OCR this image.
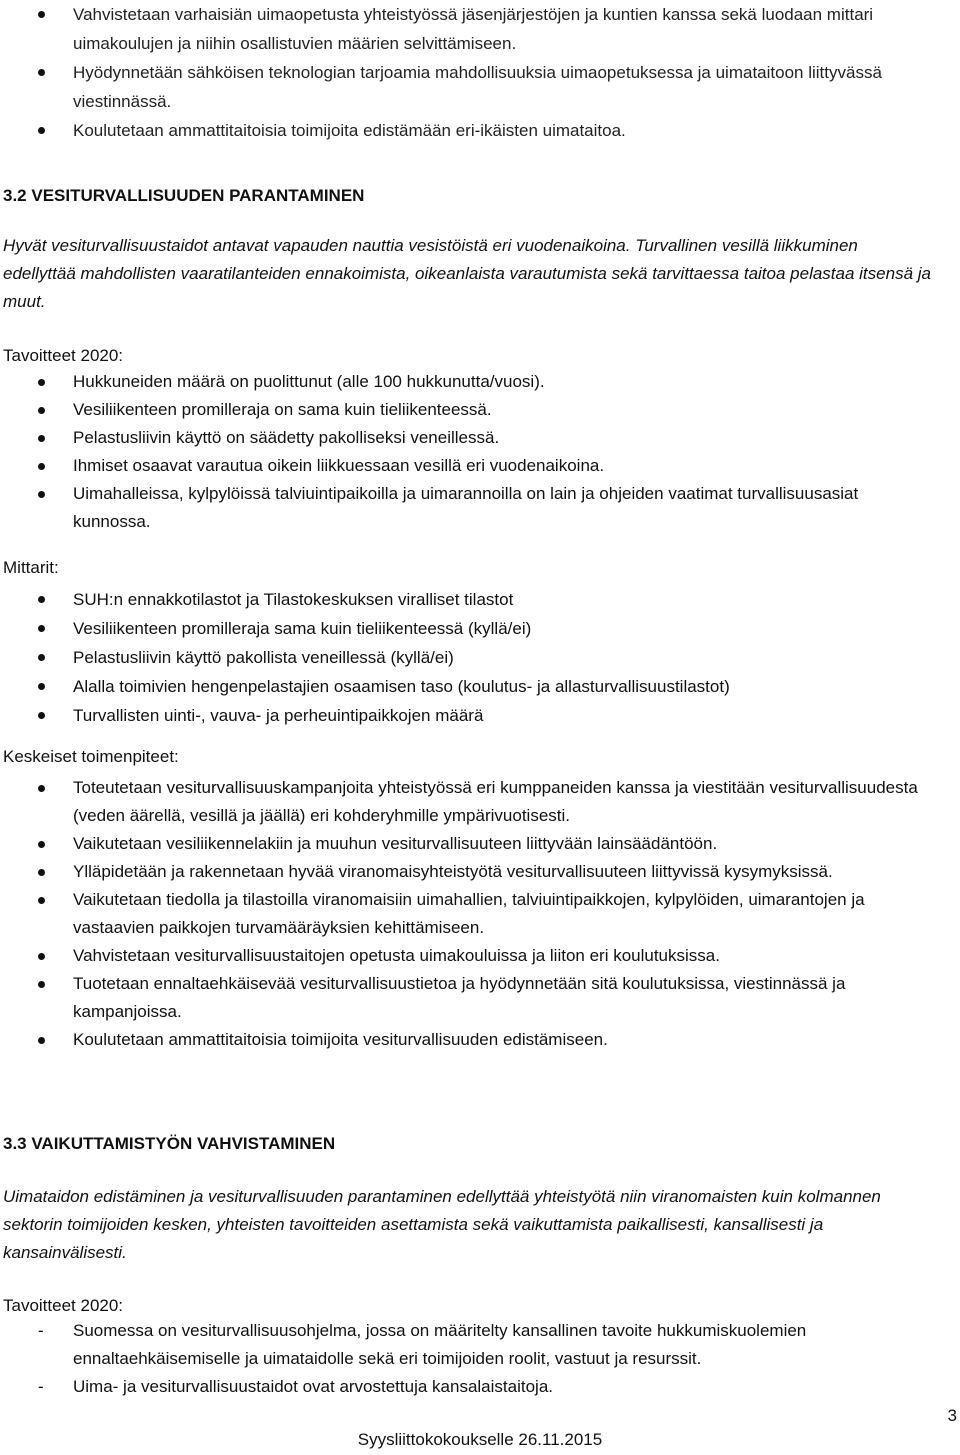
Vahvistetaan varhaisiän uimaopetusta yhteistyössä jäsenjärjestöjen ja kuntien kanssa sekä luodaan mittari uimakoulujen ja niihin osallistuvien määrien selvittämiseen.
Hyödynnetään sähköisen teknologian tarjoamia mahdollisuuksia uimaopetuksessa ja uimataitoon liittyvässä viestinnässä.
Koulutetaan ammattitaitoisia toimijoita edistämään eri-ikäisten uimataitoa.
3.2 VESITURVALLISUUDEN PARANTAMINEN
Hyvät vesiturvallisuustaidot antavat vapauden nauttia vesistöistä eri vuodenaikoina. Turvallinen vesillä liikkuminen edellyttää mahdollisten vaaratilanteiden ennakoimista, oikeanlaista varautumista sekä tarvittaessa taitoa pelastaa itsensä ja muut.
Tavoitteet 2020:
Hukkuneiden määrä on puolittunut (alle 100 hukkunutta/vuosi).
Vesiliikenteen promilleraja on sama kuin tieliikenteessä.
Pelastusliivin käyttö on säädetty pakolliseksi veneillessä.
Ihmiset osaavat varautua oikein liikkuessaan vesillä eri vuodenaikoina.
Uimahalleissa, kylpylöissä talviuintipaikoilla ja uimarannoilla on lain ja ohjeiden vaatimat turvallisuusasiat kunnossa.
Mittarit:
SUH:n ennakkotilastot ja Tilastokeskuksen viralliset tilastot
Vesiliikenteen promilleraja sama kuin tieliikenteessä (kyllä/ei)
Pelastusliivin käyttö pakollista veneillessä (kyllä/ei)
Alalla toimivien hengenpelastajien osaamisen taso (koulutus- ja allasturvallisuustilastot)
Turvallisten uinti-, vauva- ja perheuintipaikkojen määrä
Keskeiset toimenpiteet:
Toteutetaan vesiturvallisuuskampanjoita yhteistyössä eri kumppaneiden kanssa ja viestitään vesiturvallisuudesta (veden äärellä, vesillä ja jäällä) eri kohderyhmille ympärivuotisesti.
Vaikutetaan vesiliikennelakiin ja muuhun vesiturvallisuuteen liittyvään lainsäädäntöön.
Ylläpidetään ja rakennetaan hyvää viranomaisyhteistyötä vesiturvallisuuteen liittyvissä kysymyksissä.
Vaikutetaan tiedolla ja tilastoilla viranomaisiin uimahallien, talviuintipaikkojen, kylpylöiden, uimarantojen ja vastaavien paikkojen turvamääräyksien kehittämiseen.
Vahvistetaan vesiturvallisuustaitojen opetusta uimakouluissa ja liiton eri koulutuksissa.
Tuotetaan ennaltaehkäisevää vesiturvallisuustietoa ja hyödynnetään sitä koulutuksissa, viestinnässä ja kampanjoissa.
Koulutetaan ammattitaitoisia toimijoita vesiturvallisuuden edistämiseen.
3.3 VAIKUTTAMISTYÖN VAHVISTAMINEN
Uimataidon edistäminen ja vesiturvallisuuden parantaminen edellyttää yhteistyötä niin viranomaisten kuin kolmannen sektorin toimijoiden kesken, yhteisten tavoitteiden asettamista sekä vaikuttamista paikallisesti, kansallisesti ja kansainvälisesti.
Tavoitteet 2020:
- Suomessa on vesiturvallisuusohjelma, jossa on määritelty kansallinen tavoite hukkumiskuolemien ennaltaehkäisemiselle ja uimataidolle sekä eri toimijoiden roolit, vastuut ja resurssit.
- Uima- ja vesiturvallisuustaidot ovat arvostettuja kansalaistaitoja.
3
Syysliittokokoukselle 26.11.2015
